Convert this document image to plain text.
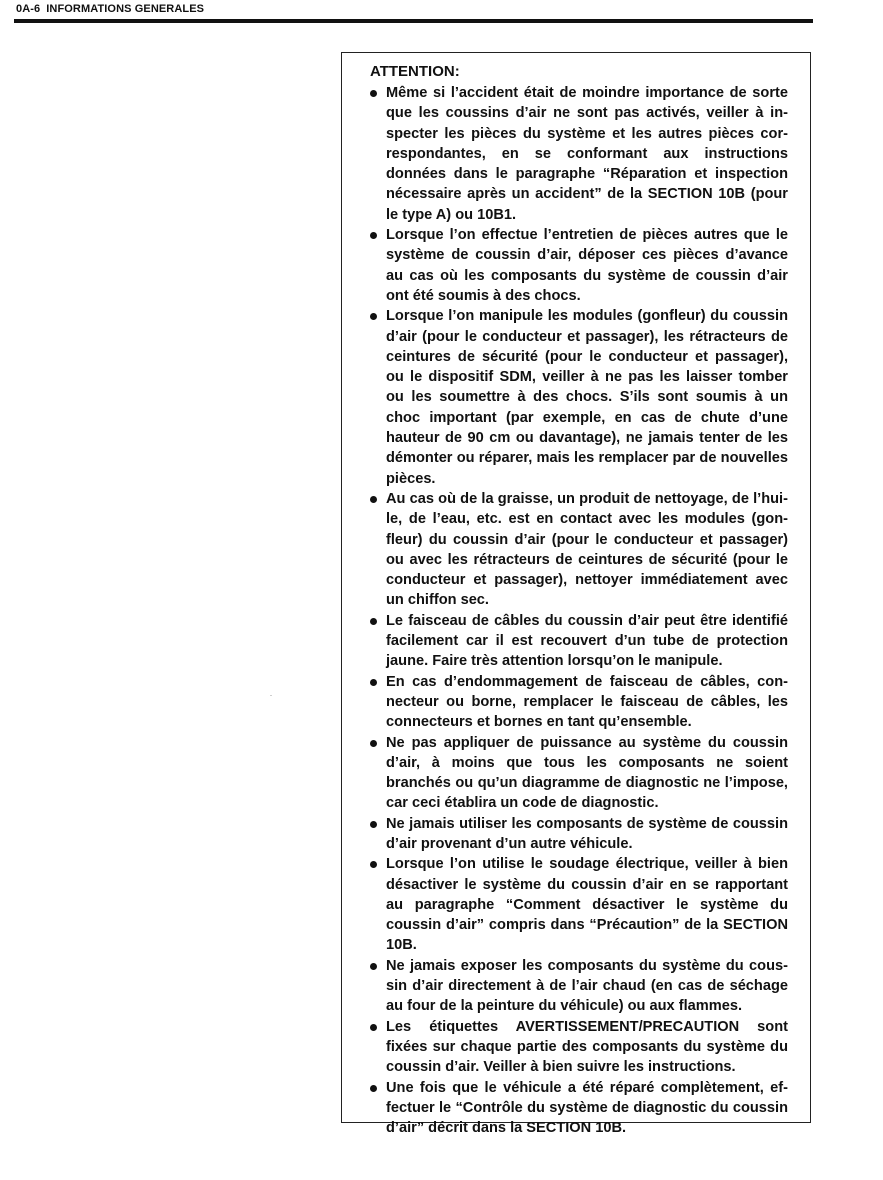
0A-6 INFORMATIONS GENERALES
ATTENTION:
Même si l’accident était de moindre importance de sorte que les coussins d’air ne sont pas activés, veiller à inspecter les pièces du système et les autres pièces correspondantes, en se conformant aux instructions données dans le paragraphe “Réparation et inspection nécessaire après un accident” de la SECTION 10B (pour le type A) ou 10B1.
Lorsque l’on effectue l’entretien de pièces autres que le système de coussin d’air, déposer ces pièces d’avance au cas où les composants du système de coussin d’air ont été soumis à des chocs.
Lorsque l’on manipule les modules (gonfleur) du coussin d’air (pour le conducteur et passager), les rétracteurs de ceintures de sécurité (pour le conducteur et passager), ou le dispositif SDM, veiller à ne pas les laisser tomber ou les soumettre à des chocs. S’ils sont soumis à un choc important (par exemple, en cas de chute d’une hauteur de 90 cm ou davantage), ne jamais tenter de les démonter ou réparer, mais les remplacer par de nouvelles pièces.
Au cas où de la graisse, un produit de nettoyage, de l’huile, de l’eau, etc. est en contact avec les modules (gonfleur) du coussin d’air (pour le conducteur et passager) ou avec les rétracteurs de ceintures de sécurité (pour le conducteur et passager), nettoyer immédiatement avec un chiffon sec.
Le faisceau de câbles du coussin d’air peut être identifié facilement car il est recouvert d’un tube de protection jaune. Faire très attention lorsqu’on le manipule.
En cas d’endommagement de faisceau de câbles, connecteur ou borne, remplacer le faisceau de câbles, les connecteurs et bornes en tant qu’ensemble.
Ne pas appliquer de puissance au système du coussin d’air, à moins que tous les composants ne soient branchés ou qu’un diagramme de diagnostic ne l’impose, car ceci établira un code de diagnostic.
Ne jamais utiliser les composants de système de coussin d’air provenant d’un autre véhicule.
Lorsque l’on utilise le soudage électrique, veiller à bien désactiver le système du coussin d’air en se rapportant au paragraphe “Comment désactiver le système du coussin d’air” compris dans “Précaution” de la SECTION 10B.
Ne jamais exposer les composants du système du coussin d’air directement à de l’air chaud (en cas de séchage au four de la peinture du véhicule) ou aux flammes.
Les étiquettes AVERTISSEMENT/PRECAUTION sont fixées sur chaque partie des composants du système du coussin d’air. Veiller à bien suivre les instructions.
Une fois que le véhicule a été réparé complètement, effectuer le “Contrôle du système de diagnostic du coussin d’air” décrit dans la SECTION 10B.
